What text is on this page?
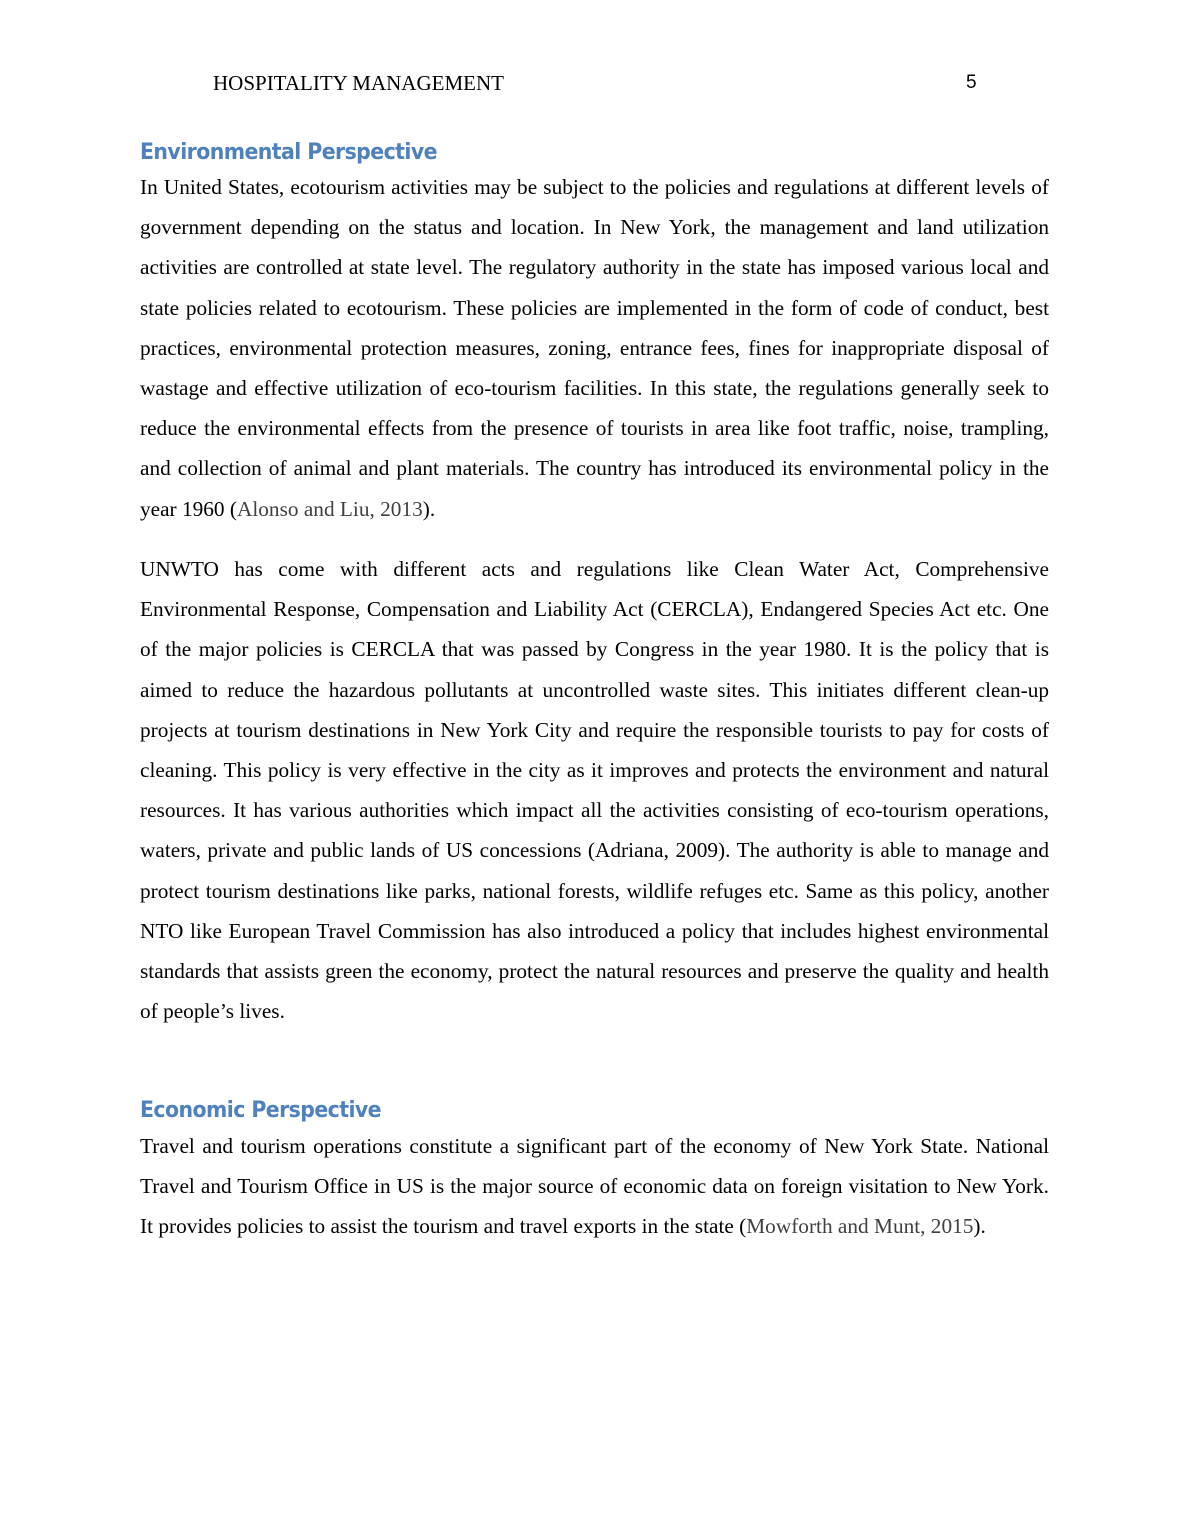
HOSPITALITY MANAGEMENT	5
Environmental Perspective

In United States, ecotourism activities may be subject to the policies and regulations at different levels of government depending on the status and location. In New York, the management and land utilization activities are controlled at state level. The regulatory authority in the state has imposed various local and state policies related to ecotourism. These policies are implemented in the form of code of conduct, best practices, environmental protection measures, zoning, entrance fees, fines for inappropriate disposal of wastage and effective utilization of eco-tourism facilities. In this state, the regulations generally seek to reduce the environmental effects from the presence of tourists in area like foot traffic, noise, trampling, and collection of animal and plant materials. The country has introduced its environmental policy in the year 1960 (Alonso and Liu, 2013).

UNWTO has come with different acts and regulations like Clean Water Act, Comprehensive Environmental Response, Compensation and Liability Act (CERCLA), Endangered Species Act etc. One of the major policies is CERCLA that was passed by Congress in the year 1980. It is the policy that is aimed to reduce the hazardous pollutants at uncontrolled waste sites. This initiates different clean-up projects at tourism destinations in New York City and require the responsible tourists to pay for costs of cleaning. This policy is very effective in the city as it improves and protects the environment and natural resources. It has various authorities which impact all the activities consisting of eco-tourism operations, waters, private and public lands of US concessions (Adriana, 2009). The authority is able to manage and protect tourism destinations like parks, national forests, wildlife refuges etc. Same as this policy, another NTO like European Travel Commission has also introduced a policy that includes highest environmental standards that assists green the economy, protect the natural resources and preserve the quality and health of people’s lives.

Economic Perspective

Travel and tourism operations constitute a significant part of the economy of New York State. National Travel and Tourism Office in US is the major source of economic data on foreign visitation to New York. It provides policies to assist the tourism and travel exports in the state (Mowforth and Munt, 2015).
